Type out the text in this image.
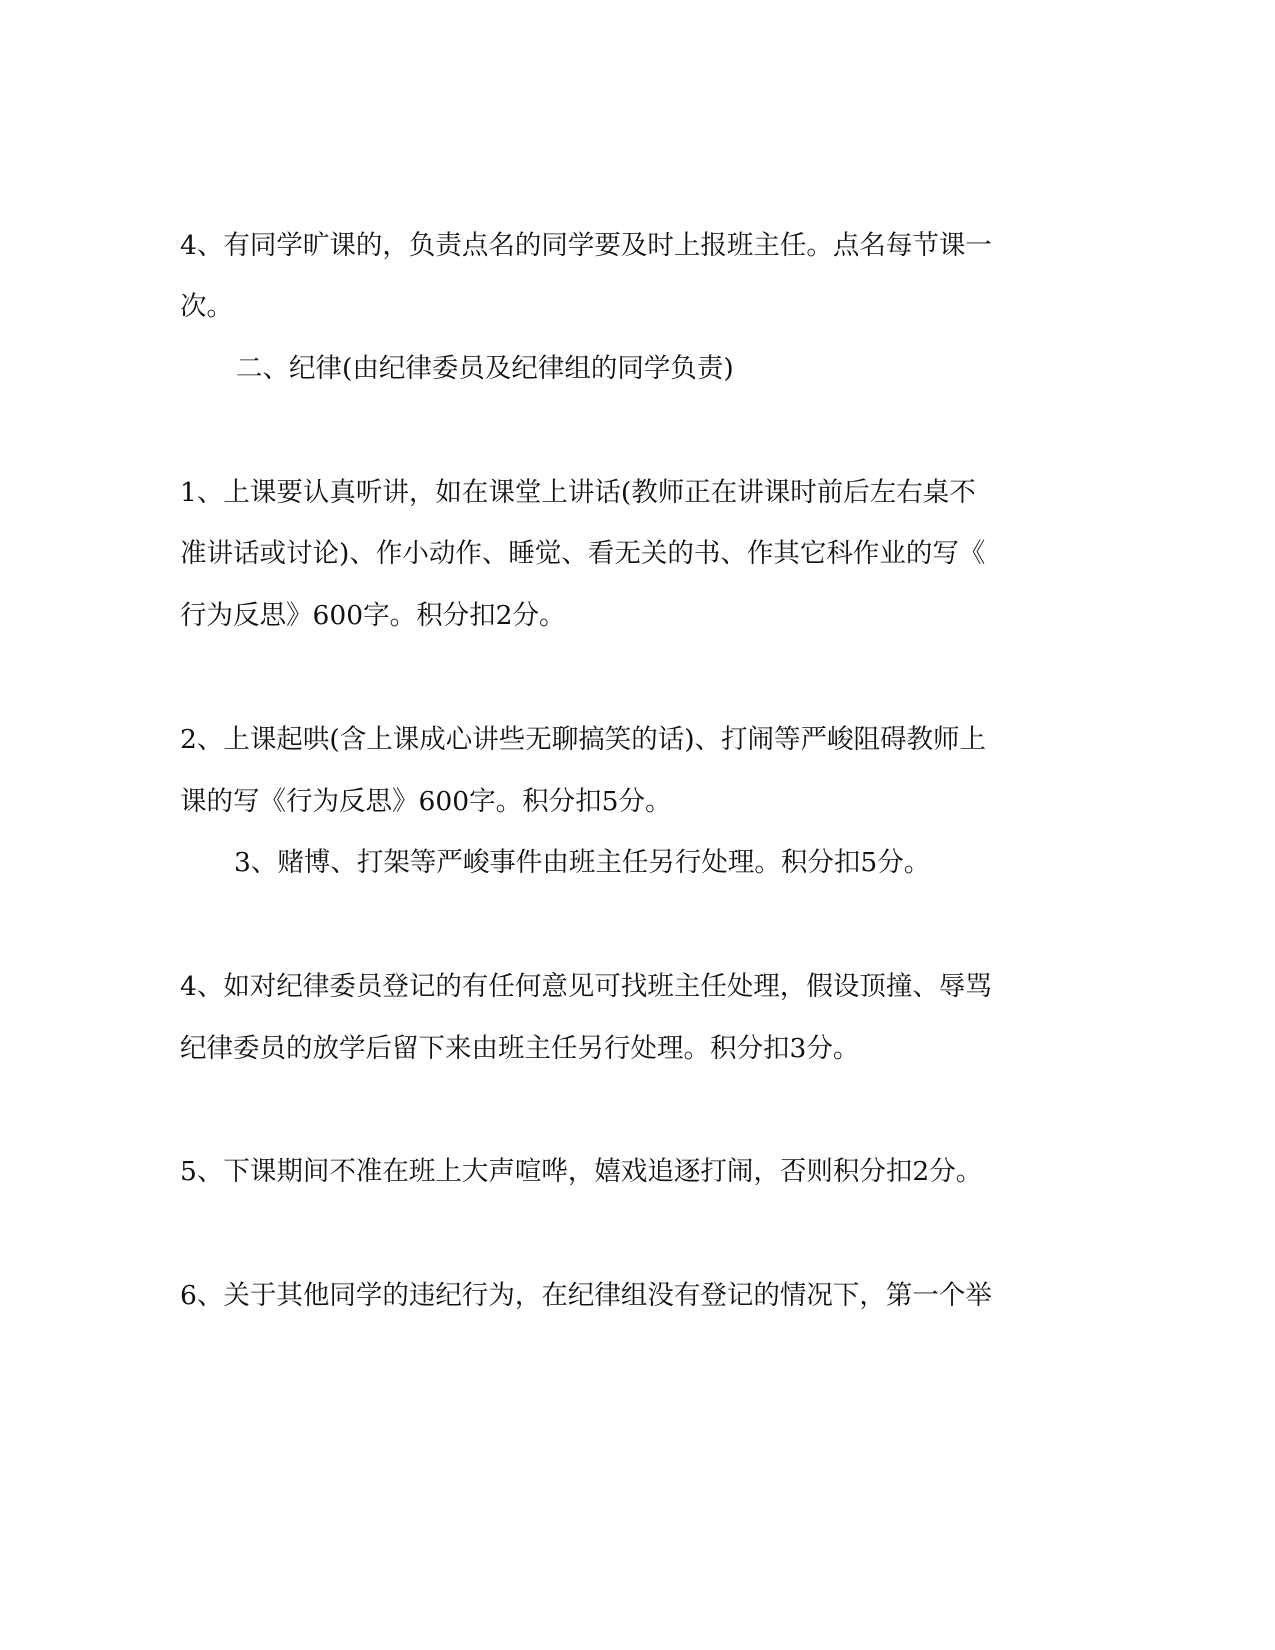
4、有同学旷课的，负责点名的同学要及时上报班主任。点名每节课一
次。
二、纪律(由纪律委员及纪律组的同学负责)
1、上课要认真听讲，如在课堂上讲话(教师正在讲课时前后左右桌不
准讲话或讨论)、作小动作、睡觉、看无关的书、作其它科作业的写《
行为反思》600字。积分扣2分。
2、上课起哄(含上课成心讲些无聊搞笑的话)、打闹等严峻阻碍教师上
课的写《行为反思》600字。积分扣5分。
3、赌博、打架等严峻事件由班主任另行处理。积分扣5分。
4、如对纪律委员登记的有任何意见可找班主任处理，假设顶撞、辱骂
纪律委员的放学后留下来由班主任另行处理。积分扣3分。
5、下课期间不准在班上大声喧哗，嬉戏追逐打闹，否则积分扣2分。
6、关于其他同学的违纪行为，在纪律组没有登记的情况下，第一个举
